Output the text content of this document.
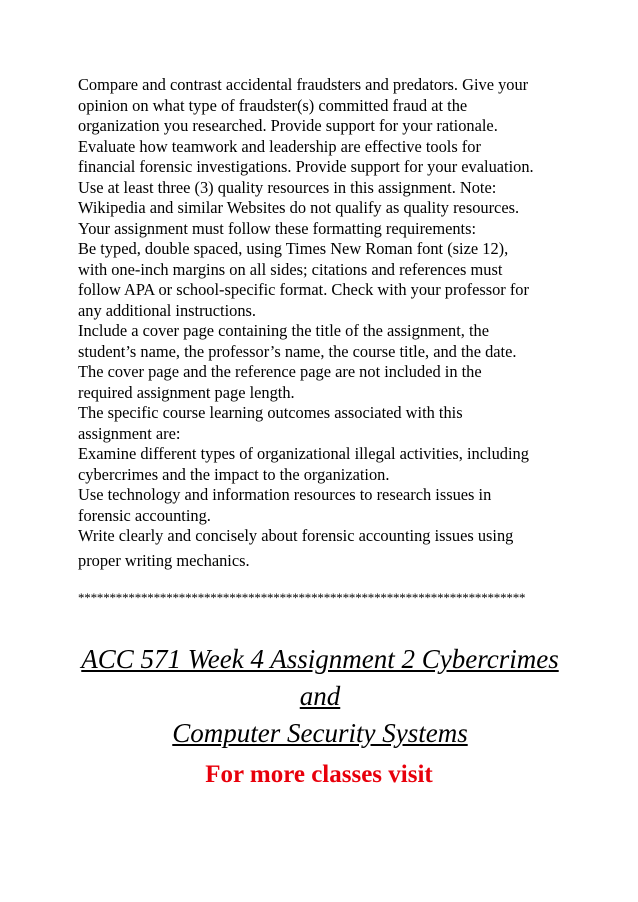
Compare and contrast accidental fraudsters and predators. Give your
opinion on what type of fraudster(s) committed fraud at the
organization you researched. Provide support for your rationale.
Evaluate how teamwork and leadership are effective tools for
financial forensic investigations. Provide support for your evaluation.
Use at least three (3) quality resources in this assignment. Note:
Wikipedia and similar Websites do not qualify as quality resources.
Your assignment must follow these formatting requirements:
Be typed, double spaced, using Times New Roman font (size 12),
with one-inch margins on all sides; citations and references must
follow APA or school-specific format. Check with your professor for
any additional instructions.
Include a cover page containing the title of the assignment, the
student’s name, the professor’s name, the course title, and the date.
The cover page and the reference page are not included in the
required assignment page length.
The specific course learning outcomes associated with this
assignment are:
Examine different types of organizational illegal activities, including
cybercrimes and the impact to the organization.
Use technology and information resources to research issues in
forensic accounting.
Write clearly and concisely about forensic accounting issues using
proper writing mechanics.
***********************************************************************
ACC 571 Week 4 Assignment 2 Cybercrimes and
Computer Security Systems
For more classes visit
